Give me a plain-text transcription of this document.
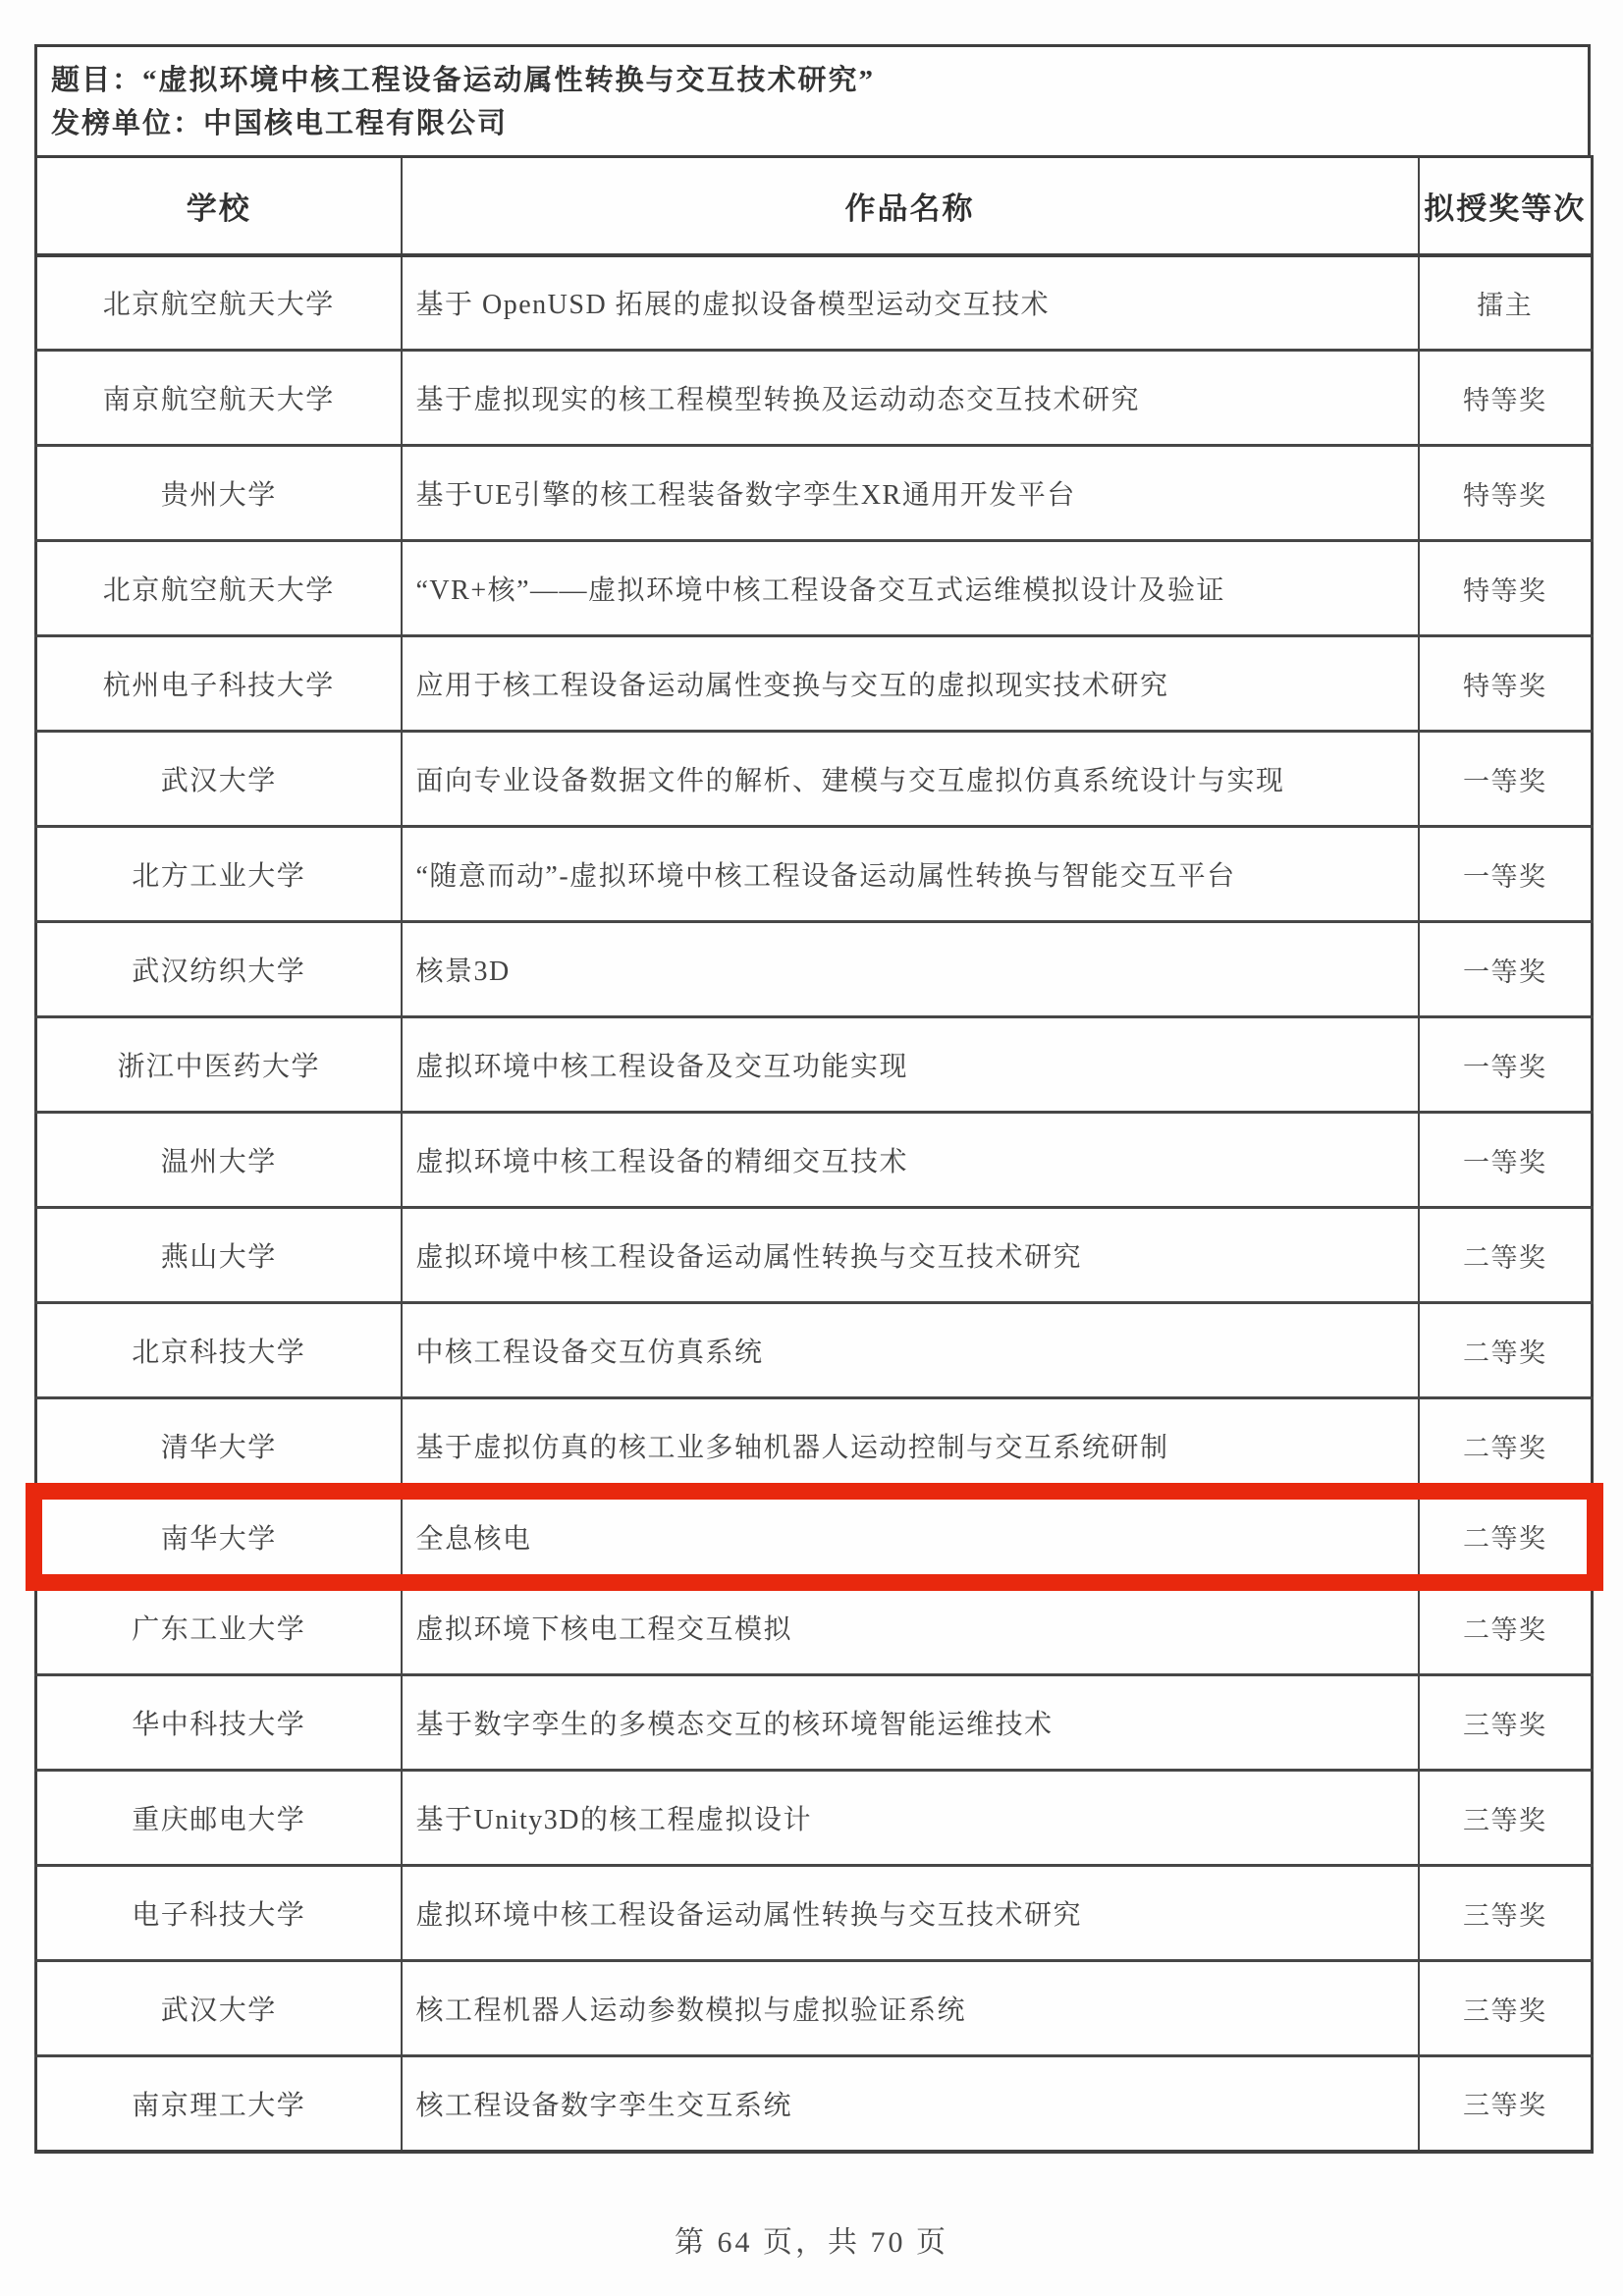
题目：“虚拟环境中核工程设备运动属性转换与交互技术研究”
发榜单位：中国核电工程有限公司
学校	作品名称	拟授奖等次
北京航空航天大学	基于 OpenUSD 拓展的虚拟设备模型运动交互技术	擂主
南京航空航天大学	基于虚拟现实的核工程模型转换及运动动态交互技术研究	特等奖
贵州大学	基于UE引擎的核工程装备数字孪生XR通用开发平台	特等奖
北京航空航天大学	“VR+核”——虚拟环境中核工程设备交互式运维模拟设计及验证	特等奖
杭州电子科技大学	应用于核工程设备运动属性变换与交互的虚拟现实技术研究	特等奖
武汉大学	面向专业设备数据文件的解析、建模与交互虚拟仿真系统设计与实现	一等奖
北方工业大学	“随意而动”-虚拟环境中核工程设备运动属性转换与智能交互平台	一等奖
武汉纺织大学	核景3D	一等奖
浙江中医药大学	虚拟环境中核工程设备及交互功能实现	一等奖
温州大学	虚拟环境中核工程设备的精细交互技术	一等奖
燕山大学	虚拟环境中核工程设备运动属性转换与交互技术研究	二等奖
北京科技大学	中核工程设备交互仿真系统	二等奖
清华大学	基于虚拟仿真的核工业多轴机器人运动控制与交互系统研制	二等奖
南华大学	全息核电	二等奖
广东工业大学	虚拟环境下核电工程交互模拟	二等奖
华中科技大学	基于数字孪生的多模态交互的核环境智能运维技术	三等奖
重庆邮电大学	基于Unity3D的核工程虚拟设计	三等奖
电子科技大学	虚拟环境中核工程设备运动属性转换与交互技术研究	三等奖
武汉大学	核工程机器人运动参数模拟与虚拟验证系统	三等奖
南京理工大学	核工程设备数字孪生交互系统	三等奖
第 64 页，共 70 页
